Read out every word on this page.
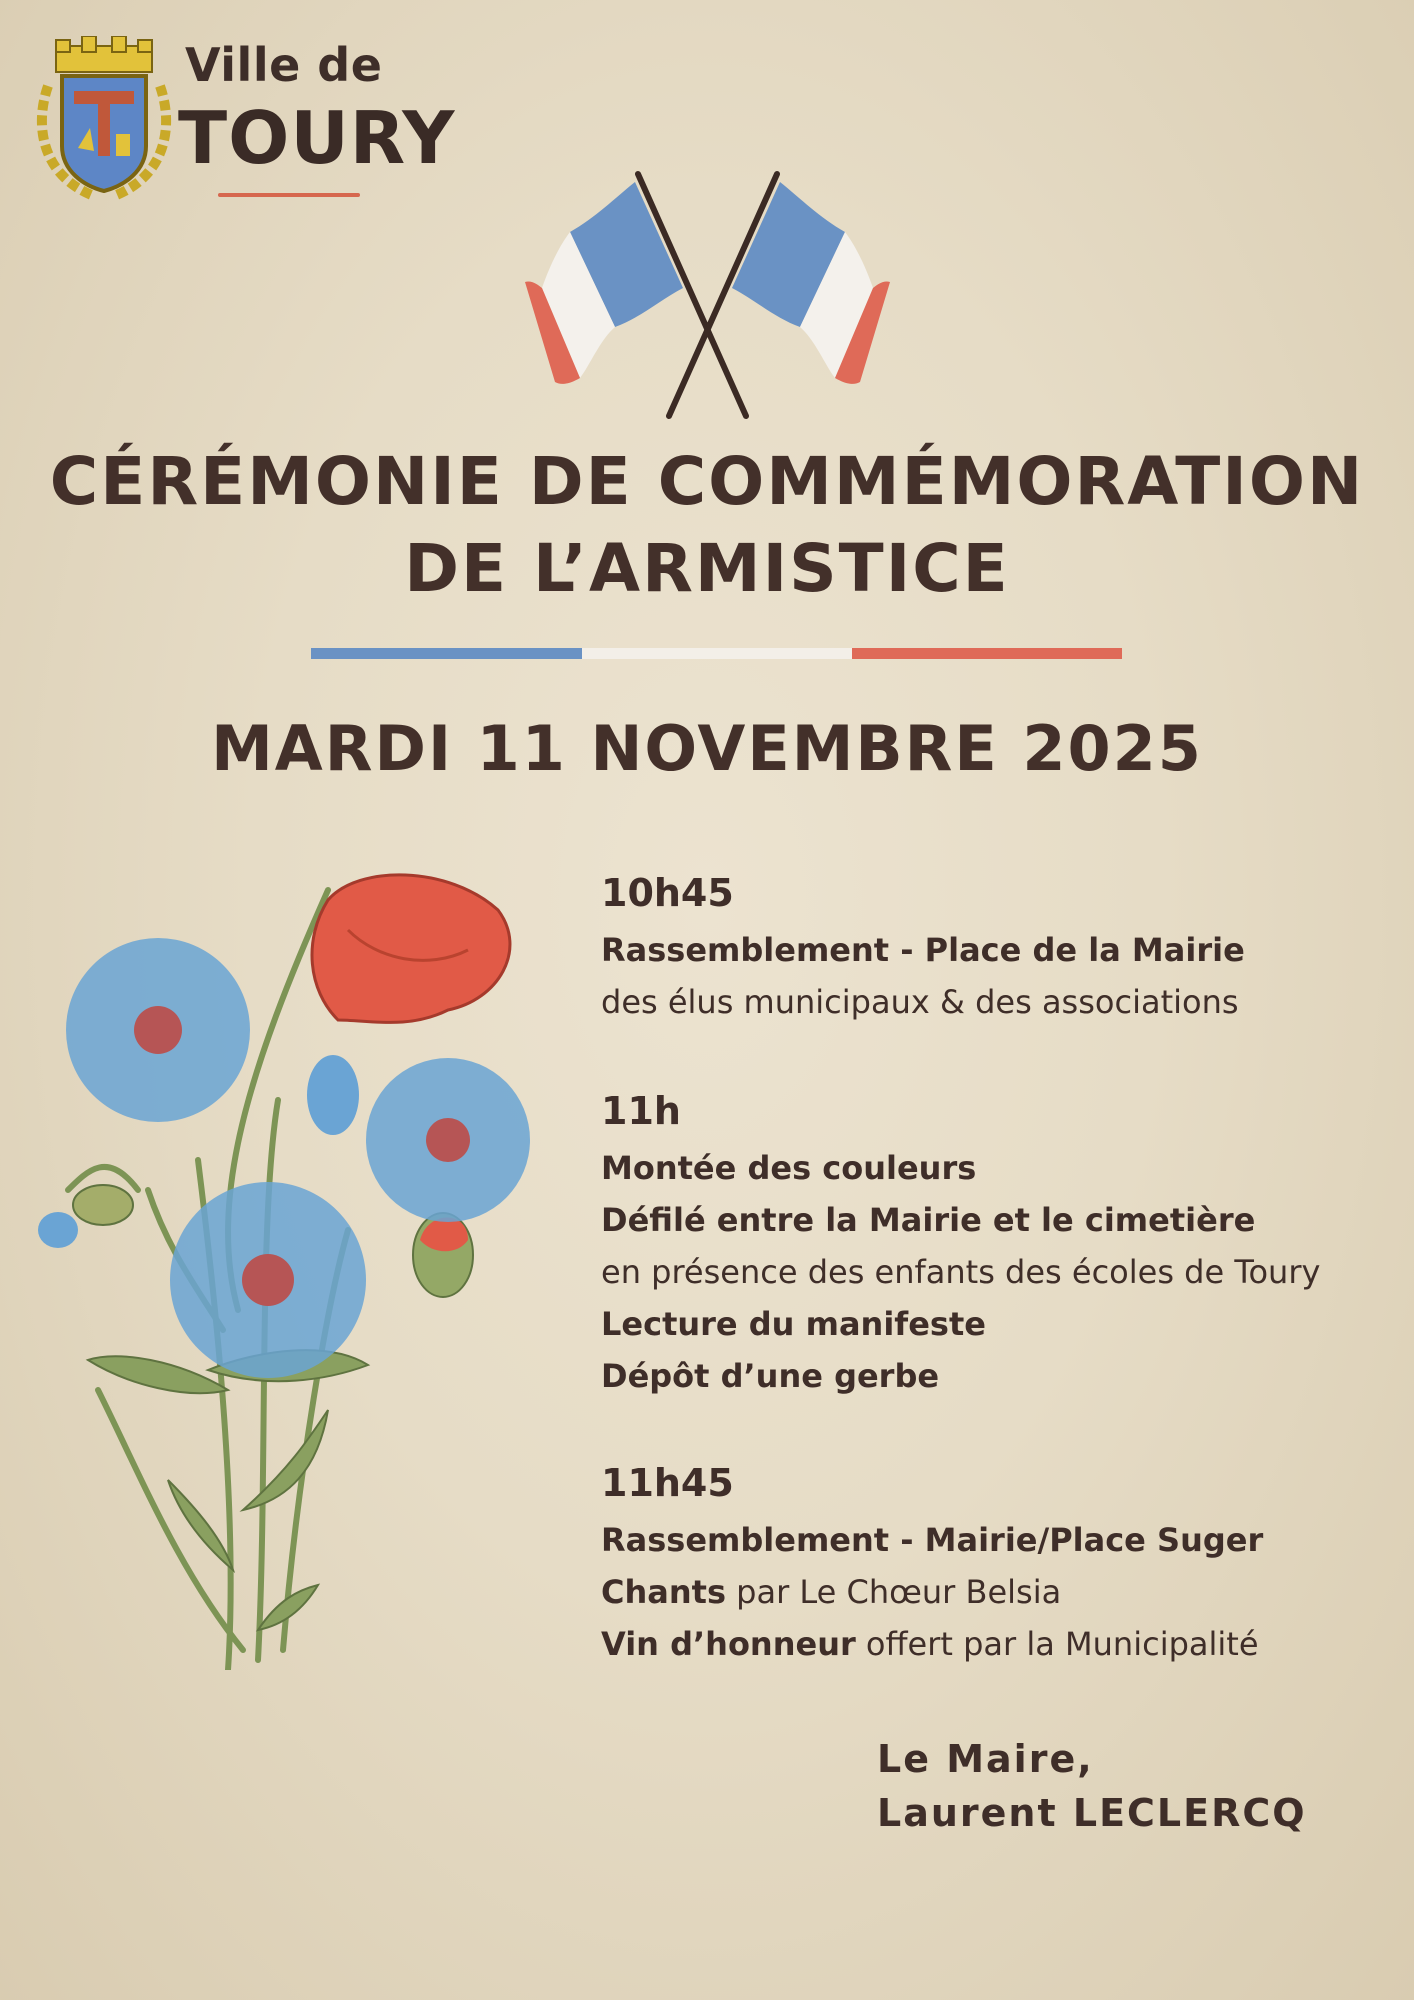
Ville de
TOURY
CÉRÉMONIE DE COMMÉMORATION
DE L’ARMISTICE
MARDI 11 NOVEMBRE 2025
10h45
Rassemblement - Place de la Mairie
des élus municipaux & des associations
11h
Montée des couleurs
Défilé entre la Mairie et le cimetière
en présence des enfants des écoles de Toury
Lecture du manifeste
Dépôt d’une gerbe
11h45
Rassemblement - Mairie/Place Suger
Chants par Le Chœur Belsia
Vin d’honneur offert par la Municipalité
Le Maire,
Laurent LECLERCQ
